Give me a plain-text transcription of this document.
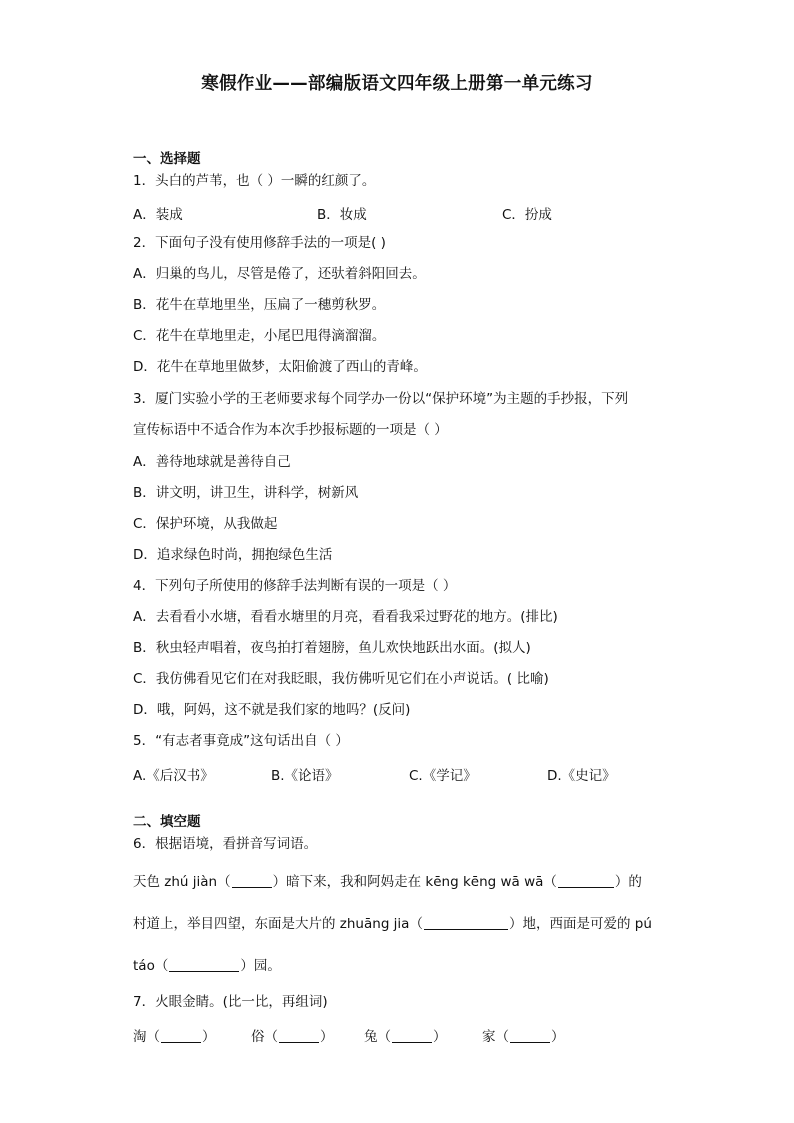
寒假作业——部编版语文四年级上册第一单元练习
一、选择题
1．头白的芦苇，也（ ）一瞬的红颜了。
A．装成	B．妆成	C．扮成
2．下面句子没有使用修辞手法的一项是( )
A．归巢的鸟儿，尽管是倦了，还驮着斜阳回去。
B．花牛在草地里坐，压扁了一穗剪秋罗。
C．花牛在草地里走，小尾巴甩得滴溜溜。
D．花牛在草地里做梦，太阳偷渡了西山的青峰。
3．厦门实验小学的王老师要求每个同学办一份以“保护环境”为主题的手抄报，下列
宣传标语中不适合作为本次手抄报标题的一项是（ ）
A．善待地球就是善待自己
B．讲文明，讲卫生，讲科学，树新风
C．保护环境，从我做起
D．追求绿色时尚，拥抱绿色生活
4．下列句子所使用的修辞手法判断有误的一项是（ ）
A．去看看小水塘，看看水塘里的月亮，看看我采过野花的地方。(排比)
B．秋虫轻声唱着，夜鸟拍打着翅膀，鱼儿欢快地跃出水面。(拟人)
C．我仿佛看见它们在对我眨眼，我仿佛听见它们在小声说话。( 比喻)
D．哦，阿妈，这不就是我们家的地吗？(反问)
5．“有志者事竟成”这句话出自（ ）
A.《后汉书》	B.《论语》	C.《学记》	D.《史记》
二、填空题
6．根据语境，看拼音写词语。
天色 zhú jiàn（	）暗下来，我和阿妈走在 kēng kēng wā wā（	）的
村道上，举目四望，东面是大片的 zhuāng jia（	）地，西面是可爱的 pú
táo（	）园。
7．火眼金睛。(比一比，再组词)
淘（	）	俗（	） 兔（	）	家（	）
